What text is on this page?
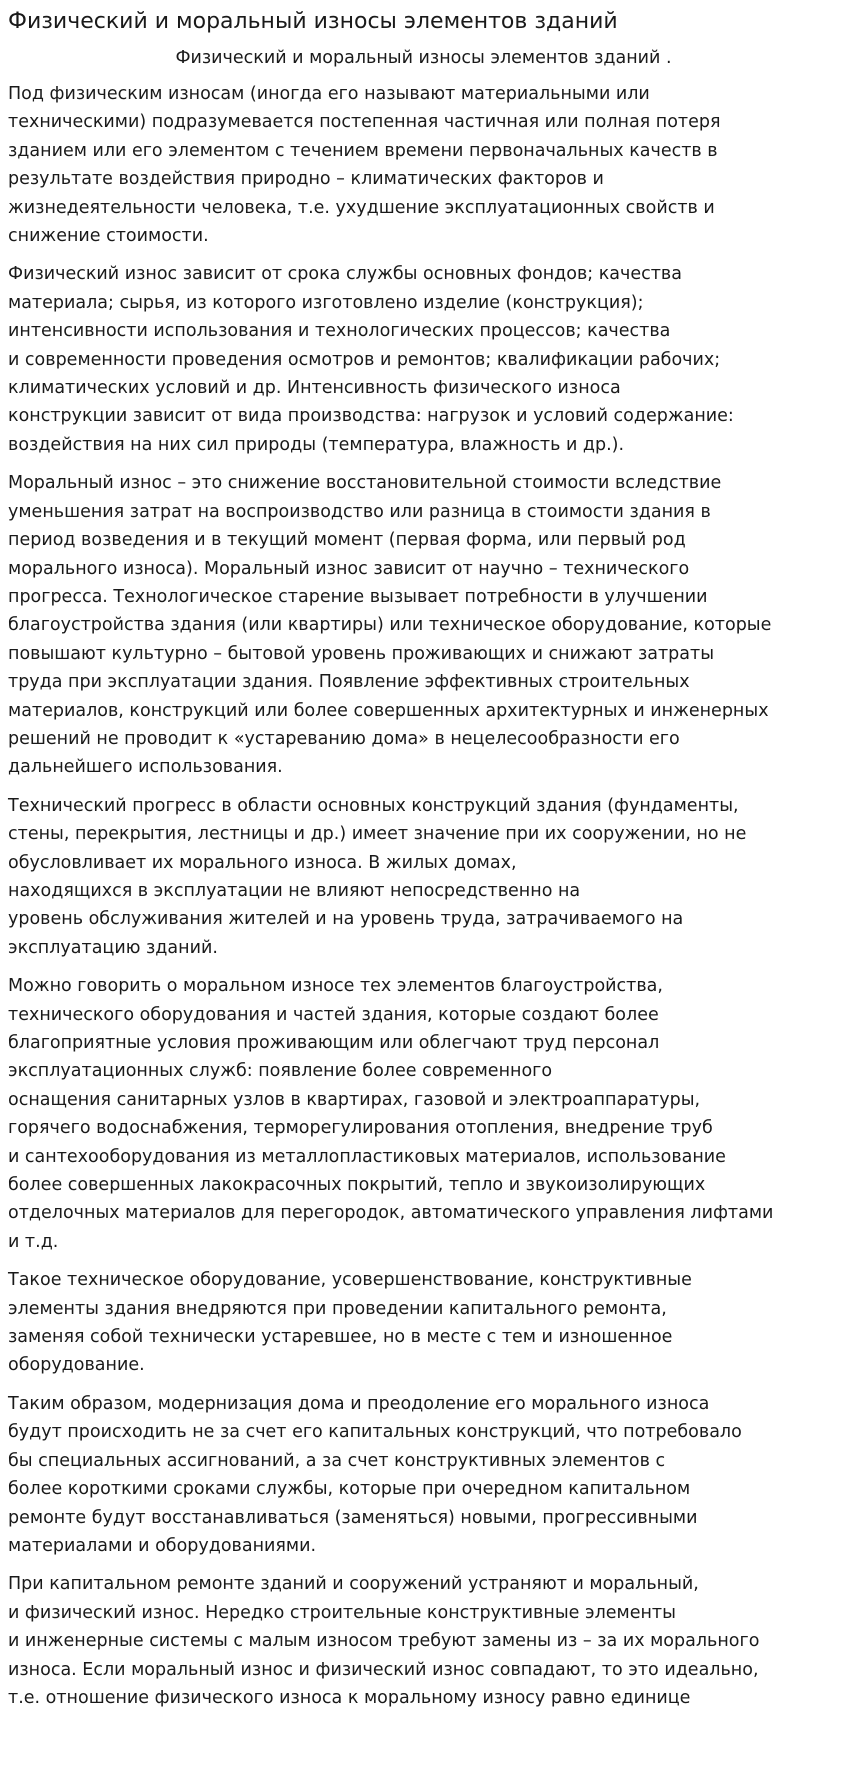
Физический и моральный износы элементов зданий

Физический и моральный износы элементов зданий .

Под физическим износам (иногда его называют материальными или
техническими) подразумевается постепенная частичная или полная потеря
зданием или его элементом с течением времени первоначальных качеств в
результате воздействия природно – климатических факторов и
жизнедеятельности человека, т.е. ухудшение эксплуатационных свойств и
снижение стоимости.

Физический износ зависит от срока службы основных фондов; качества
материала; сырья, из которого изготовлено изделие (конструкция);
интенсивности использования и технологических процессов; качества
и современности проведения осмотров и ремонтов; квалификации рабочих;
климатических условий и др. Интенсивность физического износа
конструкции зависит от вида производства: нагрузок и условий содержание:
воздействия на них сил природы (температура, влажность и др.).

Моральный износ – это снижение восстановительной стоимости вследствие
уменьшения затрат на воспроизводство или разница в стоимости здания в
период возведения и в текущий момент (первая форма, или первый род
морального износа). Моральный износ зависит от научно – технического
прогресса. Технологическое старение вызывает потребности в улучшении
благоустройства здания (или квартиры) или техническое оборудование, которые
повышают культурно – бытовой уровень проживающих и снижают затраты
труда при эксплуатации здания. Появление эффективных строительных
материалов, конструкций или более совершенных архитектурных и инженерных
решений не проводит к «устареванию дома» в нецелесообразности его
дальнейшего использования.

Технический прогресс в области основных конструкций здания (фундаменты,
стены, перекрытия, лестницы и др.) имеет значение при их сооружении, но не
обусловливает их морального износа. В жилых домах,
находящихся в эксплуатации не влияют непосредственно на
уровень обслуживания жителей и на уровень труда, затрачиваемого на
эксплуатацию зданий.

Можно говорить о моральном износе тех элементов благоустройства,
технического оборудования и частей здания, которые создают более
благоприятные условия проживающим или облегчают труд персонал
эксплуатационных служб: появление более современного
оснащения санитарных узлов в квартирах, газовой и электроаппаратуры,
горячего водоснабжения, терморегулирования отопления, внедрение труб
и сантехооборудования из металлопластиковых материалов, использование
более совершенных лакокрасочных покрытий, тепло и звукоизолирующих
отделочных материалов для перегородок, автоматического управления лифтами
и т.д.

Такое техническое оборудование, усовершенствование, конструктивные
элементы здания внедряются при проведении капитального ремонта,
заменяя собой технически устаревшее, но в месте с тем и изношенное
оборудование.

Таким образом, модернизация дома и преодоление его морального износа
будут происходить не за счет его капитальных конструкций, что потребовало
бы специальных ассигнований, а за счет конструктивных элементов с
более короткими сроками службы, которые при очередном капитальном
ремонте будут восстанавливаться (заменяться) новыми, прогрессивными
материалами и оборудованиями.

При капитальном ремонте зданий и сооружений устраняют и моральный,
и физический износ. Нередко строительные конструктивные элементы
и инженерные системы с малым износом требуют замены из – за их морального
износа. Если моральный износ и физический износ совпадают, то это идеально,
т.е. отношение физического износа к моральному износу равно единице
